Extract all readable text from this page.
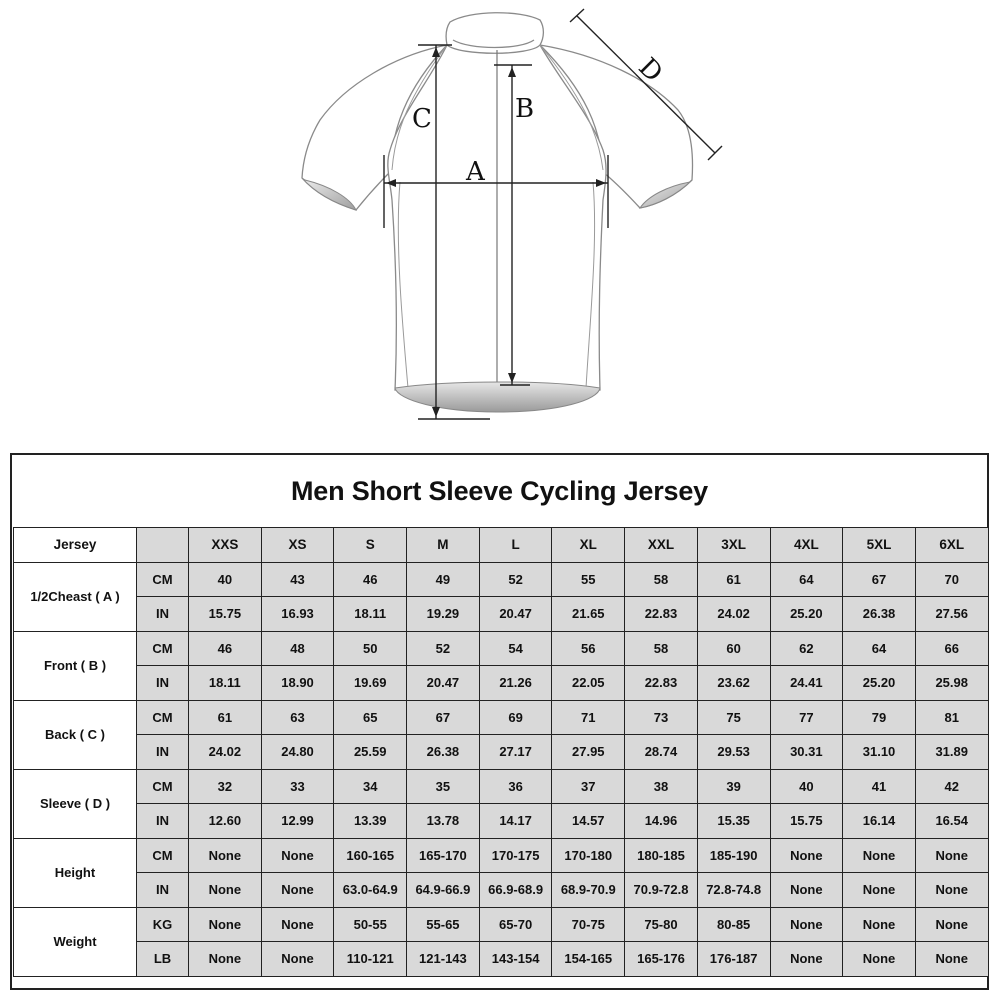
A
B
C
D
Men Short Sleeve Cycling Jersey
Jersey		XXS	XS	S	M	L	XL	XXL	3XL	4XL	5XL	6XL
1/2Cheast ( A )	CM	40	43	46	49	52	55	58	61	64	67	70
	IN	15.75	16.93	18.11	19.29	20.47	21.65	22.83	24.02	25.20	26.38	27.56
Front ( B )	CM	46	48	50	52	54	56	58	60	62	64	66
	IN	18.11	18.90	19.69	20.47	21.26	22.05	22.83	23.62	24.41	25.20	25.98
Back ( C )	CM	61	63	65	67	69	71	73	75	77	79	81
	IN	24.02	24.80	25.59	26.38	27.17	27.95	28.74	29.53	30.31	31.10	31.89
Sleeve ( D )	CM	32	33	34	35	36	37	38	39	40	41	42
	IN	12.60	12.99	13.39	13.78	14.17	14.57	14.96	15.35	15.75	16.14	16.54
Height	CM	None	None	160-165	165-170	170-175	170-180	180-185	185-190	None	None	None
	IN	None	None	63.0-64.9	64.9-66.9	66.9-68.9	68.9-70.9	70.9-72.8	72.8-74.8	None	None	None
Weight	KG	None	None	50-55	55-65	65-70	70-75	75-80	80-85	None	None	None
	LB	None	None	110-121	121-143	143-154	154-165	165-176	176-187	None	None	None
